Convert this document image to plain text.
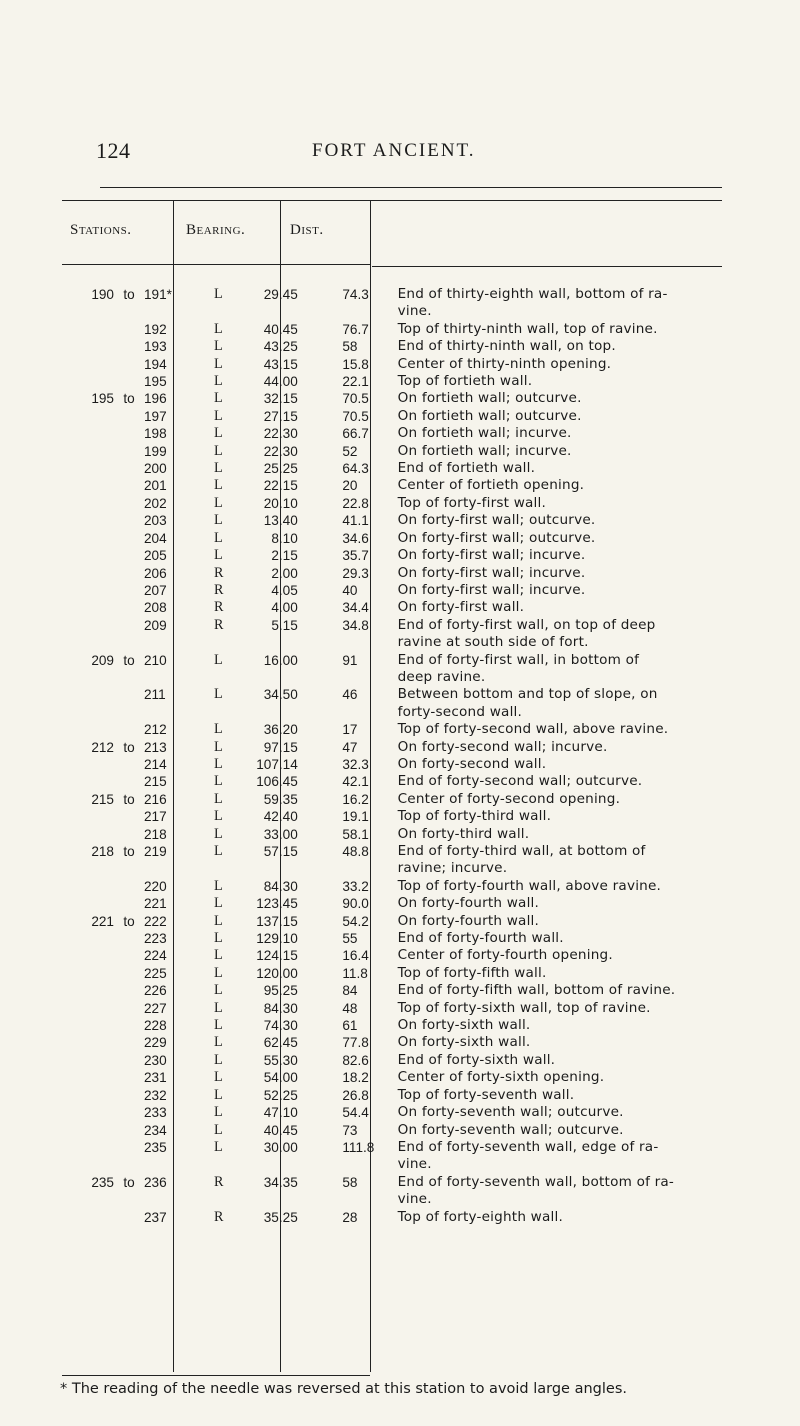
124	FORT ANCIENT.
Stations.	Bearing.	Dist.
190 to 191*	L	29.45	74.3	End of thirty-eighth wall, bottom of ra-
vine.
192	L	40.45	76.7	Top of thirty-ninth wall, top of ravine.
193	L	43.25	58	End of thirty-ninth wall, on top.
194	L	43.15	15.8	Center of thirty-ninth opening.
195	L	44.00	22.1	Top of fortieth wall.
195 to 196	L	32.15	70.5	On fortieth wall; outcurve.
197	L	27.15	70.5	On fortieth wall; outcurve.
198	L	22.30	66.7	On fortieth wall; incurve.
199	L	22.30	52	On fortieth wall; incurve.
200	L	25.25	64.3	End of fortieth wall.
201	L	22.15	20	Center of fortieth opening.
202	L	20.10	22.8	Top of forty-first wall.
203	L	13.40	41.1	On forty-first wall; outcurve.
204	L	8.10	34.6	On forty-first wall; outcurve.
205	L	2.15	35.7	On forty-first wall; incurve.
206	R	2.00	29.3	On forty-first wall; incurve.
207	R	4.05	40	On forty-first wall; incurve.
208	R	4.00	34.4	On forty-first wall.
209	R	5.15	34.8	End of forty-first wall, on top of deep
ravine at south side of fort.
209 to 210	L	16.00	91	End of forty-first wall, in bottom of
deep ravine.
211	L	34.50	46	Between bottom and top of slope, on
forty-second wall.
212	L	36.20	17	Top of forty-second wall, above ravine.
212 to 213	L	97.15	47	On forty-second wall; incurve.
214	L	107.14	32.3	On forty-second wall.
215	L	106.45	42.1	End of forty-second wall; outcurve.
215 to 216	L	59.35	16.2	Center of forty-second opening.
217	L	42.40	19.1	Top of forty-third wall.
218	L	33.00	58.1	On forty-third wall.
218 to 219	L	57.15	48.8	End of forty-third wall, at bottom of
ravine; incurve.
220	L	84.30	33.2	Top of forty-fourth wall, above ravine.
221	L	123.45	90.0	On forty-fourth wall.
221 to 222	L	137.15	54.2	On forty-fourth wall.
223	L	129.10	55	End of forty-fourth wall.
224	L	124.15	16.4	Center of forty-fourth opening.
225	L	120.00	11.8	Top of forty-fifth wall.
226	L	95.25	84	End of forty-fifth wall, bottom of ravine.
227	L	84.30	48	Top of forty-sixth wall, top of ravine.
228	L	74.30	61	On forty-sixth wall.
229	L	62.45	77.8	On forty-sixth wall.
230	L	55.30	82.6	End of forty-sixth wall.
231	L	54.00	18.2	Center of forty-sixth opening.
232	L	52.25	26.8	Top of forty-seventh wall.
233	L	47.10	54.4	On forty-seventh wall; outcurve.
234	L	40.45	73	On forty-seventh wall; outcurve.
235	L	30.00	111.8	End of forty-seventh wall, edge of ra-
vine.
235 to 236	R	34.35	58	End of forty-seventh wall, bottom of ra-
vine.
237	R	35.25	28	Top of forty-eighth wall.
* The reading of the needle was reversed at this station to avoid large angles.
